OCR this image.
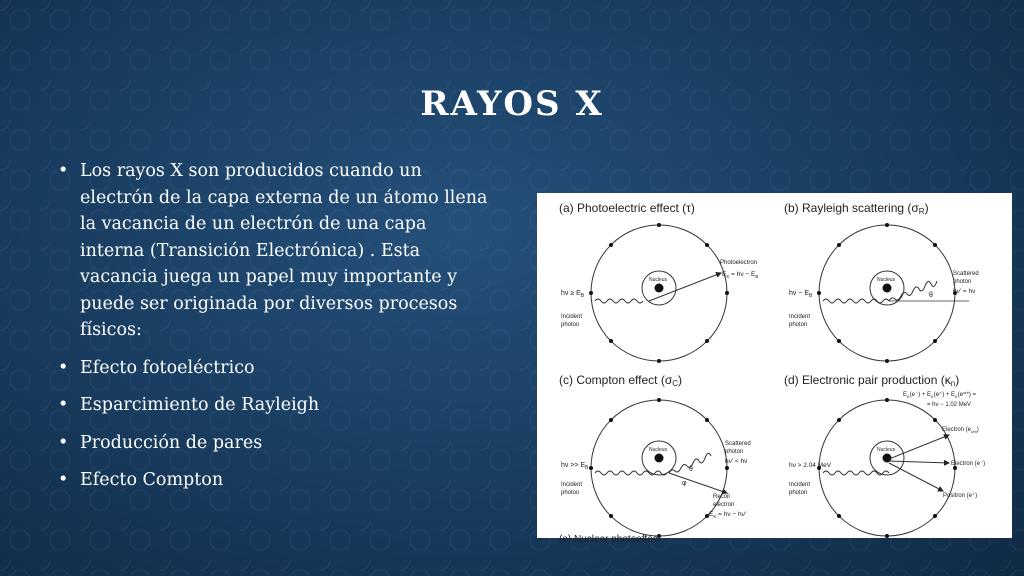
RAYOS X
• Los rayos X son producidos cuando un electrón de la capa externa de un átomo llena la vacancia de un electrón de una capa interna (Transición Electrónica) . Esta vacancia juega un papel muy importante y puede ser originada por diversos procesos físicos:
• Efecto fotoeléctrico
• Esparcimiento de Rayleigh
• Producción de pares
• Efecto Compton
(a) Photoelectric effect (τ)
Nucleus
$h\nu \ge E_B$
Incident
photon
Photoelectron
$E_K = h\nu - E_B$
(b) Rayleigh scattering (σR)
Nucleus
θ
hν ~ $E_B$
Incident
photon
Scattered
photon
hν' = hν
(c) Compton effect (σC)
Nucleus
θ
φ
$h\nu >> E_B$
Incident
photon
Scattered
photon
hν' < hν
Recoil
electron
$E_K = h\nu - h\nu'$
(d) Electronic pair production (κn)
$E_K(e^-) + E_K(e^+) + E_K(e^{orb})$ =
= hν − 1.02 MeV
Nucleus
hν > 2.04 MeV
Incident
photon
Electron $(e_{orb})$
Electron (e⁻)
Positron (e⁺)
(e) Nuclear photoeffect
